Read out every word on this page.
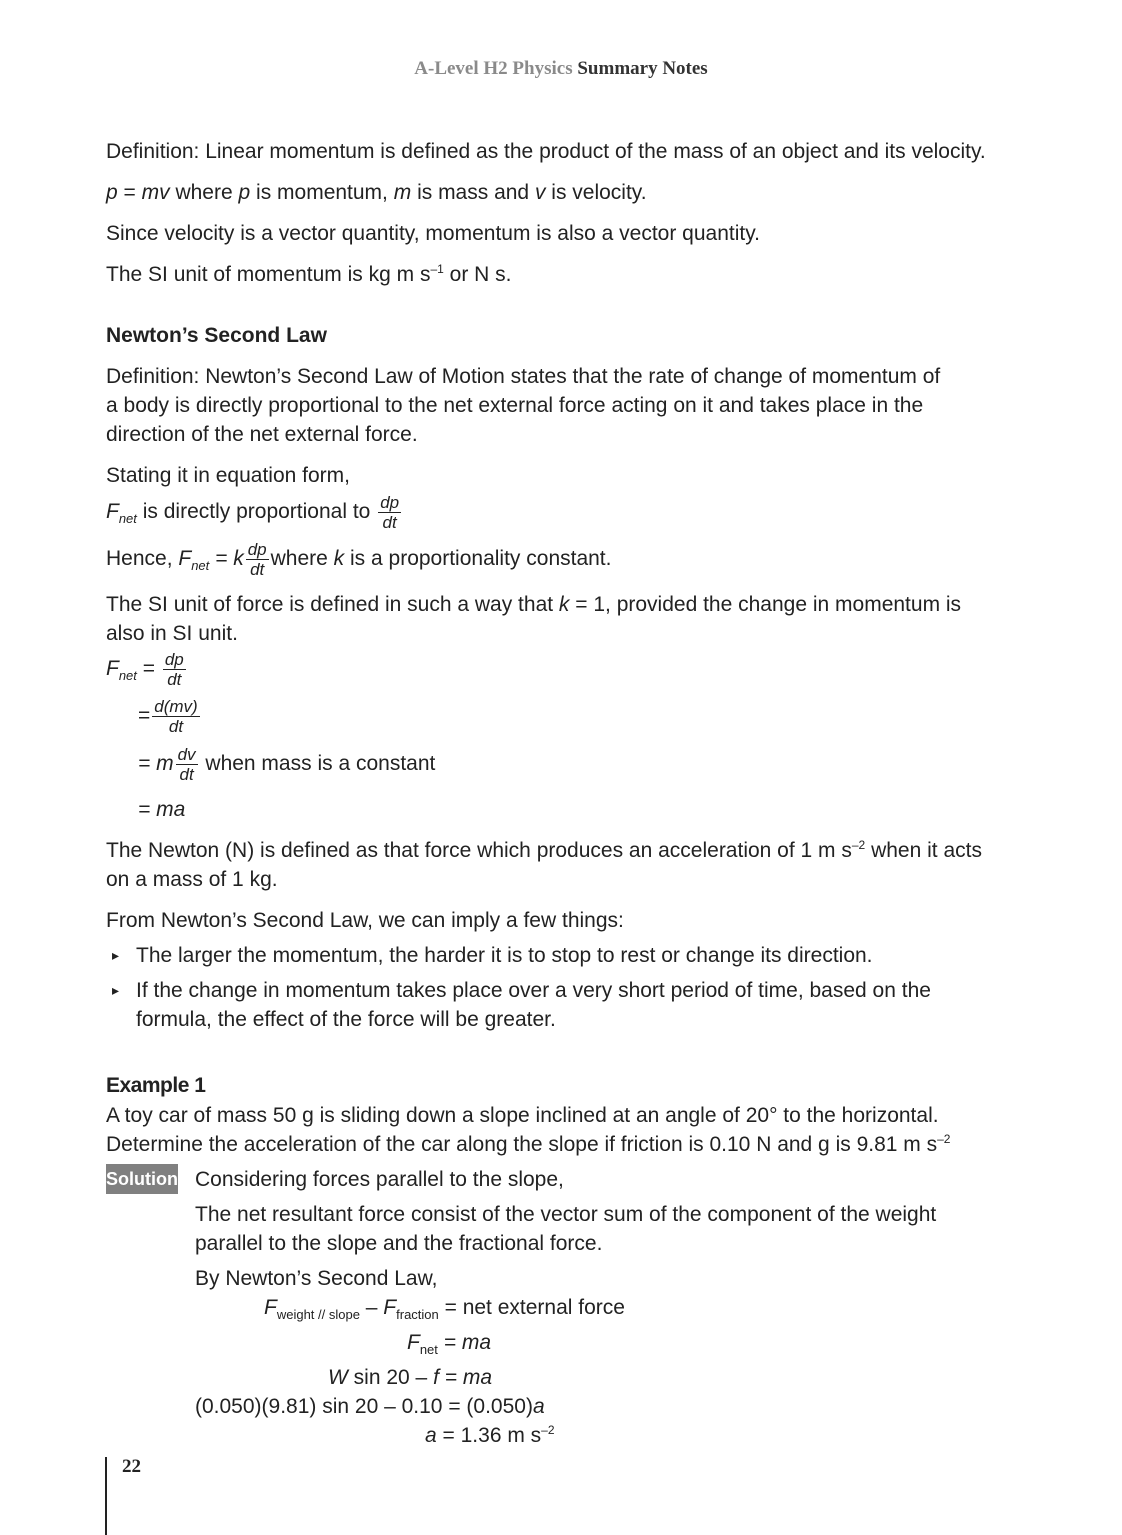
A-Level H2 Physics Summary Notes
Definition: Linear momentum is defined as the product of the mass of an object and its velocity.
p = mv where p is momentum, m is mass and v is velocity.
Since velocity is a vector quantity, momentum is also a vector quantity.
The SI unit of momentum is kg m $s^{-1}$ or N s.
Newton’s Second Law
Definition: Newton’s Second Law of Motion states that the rate of change of momentum of
a body is directly proportional to the net external force acting on it and takes place in the
direction of the net external force.
Stating it in equation form,
$F_{net}$ is directly proportional to $\frac{dp}{dt}$
Hence, $F_{net} = k \frac{dp}{dt}$ where k is a proportionality constant.
The SI unit of force is defined in such a way that k = 1, provided the change in momentum is
also in SI unit.
$F_{net} = \frac{dp}{dt}$
= $\frac{d(mv)}{dt}$
= m $\frac{dv}{dt}$ when mass is a constant
= ma
The Newton (N) is defined as that force which produces an acceleration of 1 m $s^{-2}$ when it acts
on a mass of 1 kg.
From Newton’s Second Law, we can imply a few things:
▸ The larger the momentum, the harder it is to stop to rest or change its direction.
▸ If the change in momentum takes place over a very short period of time, based on the
formula, the effect of the force will be greater.
Example 1
A toy car of mass 50 g is sliding down a slope inclined at an angle of 20° to the horizontal.
Determine the acceleration of the car along the slope if friction is 0.10 N and g is 9.81 m $s^{-2}$
Solution Considering forces parallel to the slope,
The net resultant force consist of the vector sum of the component of the weight
parallel to the slope and the fractional force.
By Newton’s Second Law,
$F_{weight // slope} - F_{fraction}$ = net external force
$F_{net}$ = ma
W sin 20 – f = ma
(0.050)(9.81) sin 20 – 0.10 = (0.050)a
a = 1.36 m $s^{-2}$
22
